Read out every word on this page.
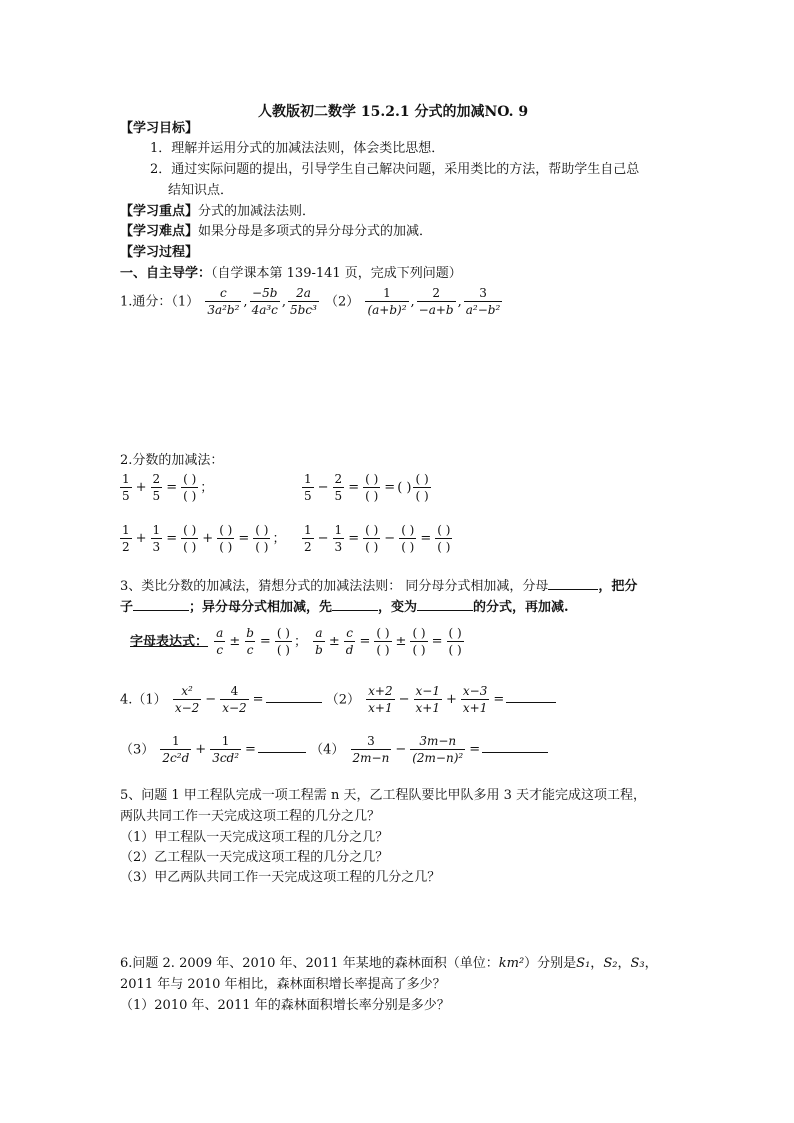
人教版初二数学 15.2.1 分式的加减NO. 9
【学习目标】
1．理解并运用分式的加减法法则，体会类比思想．
2．通过实际问题的提出，引导学生自己解决问题，采用类比的方法，帮助学生自己总
结知识点．
【学习重点】分式的加减法法则．
【学习难点】如果分母是多项式的异分母分式的加减．
【学习过程】
一、自主导学：（自学课本第 139-141 页，完成下列问题）
1.通分：$(1) \frac{c}{\text{3a²b²}}$ , $\frac{-5b}{\text{4a³c}}$ , $\frac{2a}{\text{5bc³}} (2) \frac{1}{\text{(a+b)²}}$ , $\frac{2}{-a+b}$ , $\frac{3}{\text{a²−b²}}$
2.分数的加减法：
$\frac{1}{5} + \frac{2}{5} = \frac{( )}{( )}$ ；	$\frac{1}{5} - \frac{2}{5} = \frac{( )}{( )}$ = ( ) $\frac{( )}{( )}$
$\frac{1}{2} + \frac{1}{3} = \frac{( )}{( )} + \frac{( )}{( )} = \frac{( )}{( )}$ ； $\frac{1}{2} - \frac{1}{3} = \frac{( )}{( )} - \frac{( )}{( )} = \frac{( )}{( )}$
3、类比分数的加减法，猜想分式的加减法法则： 同分母分式相加减，分母	，把分
子	；异分母分式相加减，先	，变为	的分式，再加减.
字母表达式： $\frac{a}{c} \pm \frac{b}{c} = \frac{( )}{( )}$ ； $\frac{a}{b} \pm \frac{c}{d} = \frac{( )}{( )} \pm \frac{( )}{( )} = \frac{( )}{( )}$
$4.(1) \frac{\text{x²}}{x-2} - \frac{4}{x-2}$ =	$(2) \frac{x+2}{x+1} - \frac{x-1}{x+1} + \frac{x-3}{x+1}$ =
$(3) \frac{1}{\text{2c²d}} + \frac{1}{\text{3cd²}}$ =	$(4) \frac{3}{2m-n} - \frac{3m-n}{\text{(2m−n)²}}$ =
5、问题 1 甲工程队完成一项工程需 n 天，乙工程队要比甲队多用 3 天才能完成这项工程，
两队共同工作一天完成这项工程的几分之几？
（1）甲工程队一天完成这项工程的几分之几？
（2）乙工程队一天完成这项工程的几分之几？
（3）甲乙两队共同工作一天完成这项工程的几分之几？
6.问题 2. 2009 年、2010 年、2011 年某地的森林面积（单位：km²）分别是S₁，S₂，S₃，
2011 年与 2010 年相比，森林面积增长率提高了多少？
（1）2010 年、2011 年的森林面积增长率分别是多少？
